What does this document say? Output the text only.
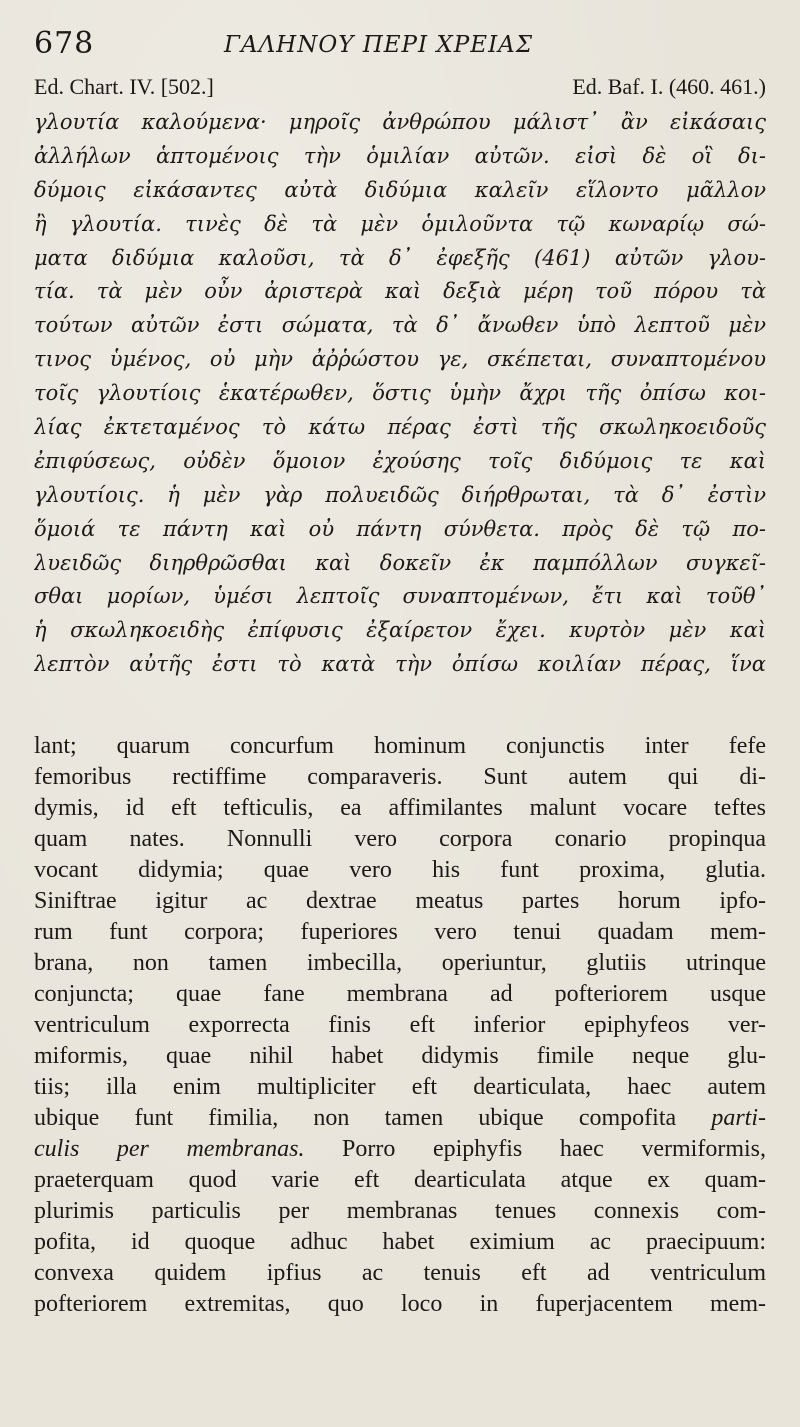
678	ΓΑΛΗΝΟΥ ΠΕΡΙ ΧΡΕΙΑΣ
Ed. Chart. IV. [502.]	Ed. Baf. I. (460. 461.)
γλουτία καλούμενα· μηροῖς ἀνθρώπου μάλιστ᾽ ἂν εἰκάσαις
ἀλλήλων ἁπτομένοις τὴν ὁμιλίαν αὐτῶν. εἰσὶ δὲ οἳ δι-
δύμοις εἰκάσαντες αὐτὰ διδύμια καλεῖν εἵλοντο μᾶλλον
ἢ γλουτία. τινὲς δὲ τὰ μὲν ὁμιλοῦντα τῷ κωναρίῳ σώ-
ματα διδύμια καλοῦσι, τὰ δ᾽ ἐφεξῆς (461) αὐτῶν γλου-
τία. τὰ μὲν οὖν ἀριστερὰ καὶ δεξιὰ μέρη τοῦ πόρου τὰ
τούτων αὐτῶν ἐστι σώματα, τὰ δ᾽ ἄνωθεν ὑπὸ λεπτοῦ μὲν
τινος ὑμένος, οὐ μὴν ἀῤῥώστου γε, σκέπεται, συναπτομένου
τοῖς γλουτίοις ἑκατέρωθεν, ὅστις ὑμὴν ἄχρι τῆς ὀπίσω κοι-
λίας ἐκτεταμένος τὸ κάτω πέρας ἐστὶ τῆς σκωληκοειδοῦς
ἐπιφύσεως, οὐδὲν ὅμοιον ἐχούσης τοῖς διδύμοις τε καὶ
γλουτίοις. ἡ μὲν γὰρ πολυειδῶς διήρθρωται, τὰ δ᾽ ἐστὶν
ὅμοιά τε πάντη καὶ οὐ πάντη σύνθετα. πρὸς δὲ τῷ πο-
λυειδῶς διηρθρῶσθαι καὶ δοκεῖν ἐκ παμπόλλων συγκεῖ-
σθαι μορίων, ὑμέσι λεπτοῖς συναπτομένων, ἔτι καὶ τοῦθ᾽
ἡ σκωληκοειδὴς ἐπίφυσις ἐξαίρετον ἔχει. κυρτὸν μὲν καὶ
λεπτὸν αὐτῆς ἐστι τὸ κατὰ τὴν ὀπίσω κοιλίαν πέρας, ἵνα
lant; quarum concurfum hominum conjunctis inter fefe
femoribus rectiffime comparaveris. Sunt autem qui di-
dymis, id eft tefticulis, ea affimilantes malunt vocare teftes
quam nates. Nonnulli vero corpora conario propinqua
vocant didymia; quae vero his funt proxima, glutia.
Siniftrae igitur ac dextrae meatus partes horum ipfo-
rum funt corpora; fuperiores vero tenui quadam mem-
brana, non tamen imbecilla, operiuntur, glutiis utrinque
conjuncta; quae fane membrana ad pofteriorem usque
ventriculum exporrecta finis eft inferior epiphyfeos ver-
miformis, quae nihil habet didymis fimile neque glu-
tiis; illa enim multipliciter eft dearticulata, haec autem
ubique funt fimilia, non tamen ubique compofita parti-
culis per membranas. Porro epiphyfis haec vermiformis,
praeterquam quod varie eft dearticulata atque ex quam-
plurimis particulis per membranas tenues connexis com-
pofita, id quoque adhuc habet eximium ac praecipuum:
convexa quidem ipfius ac tenuis eft ad ventriculum
pofteriorem extremitas, quo loco in fuperjacentem mem-
